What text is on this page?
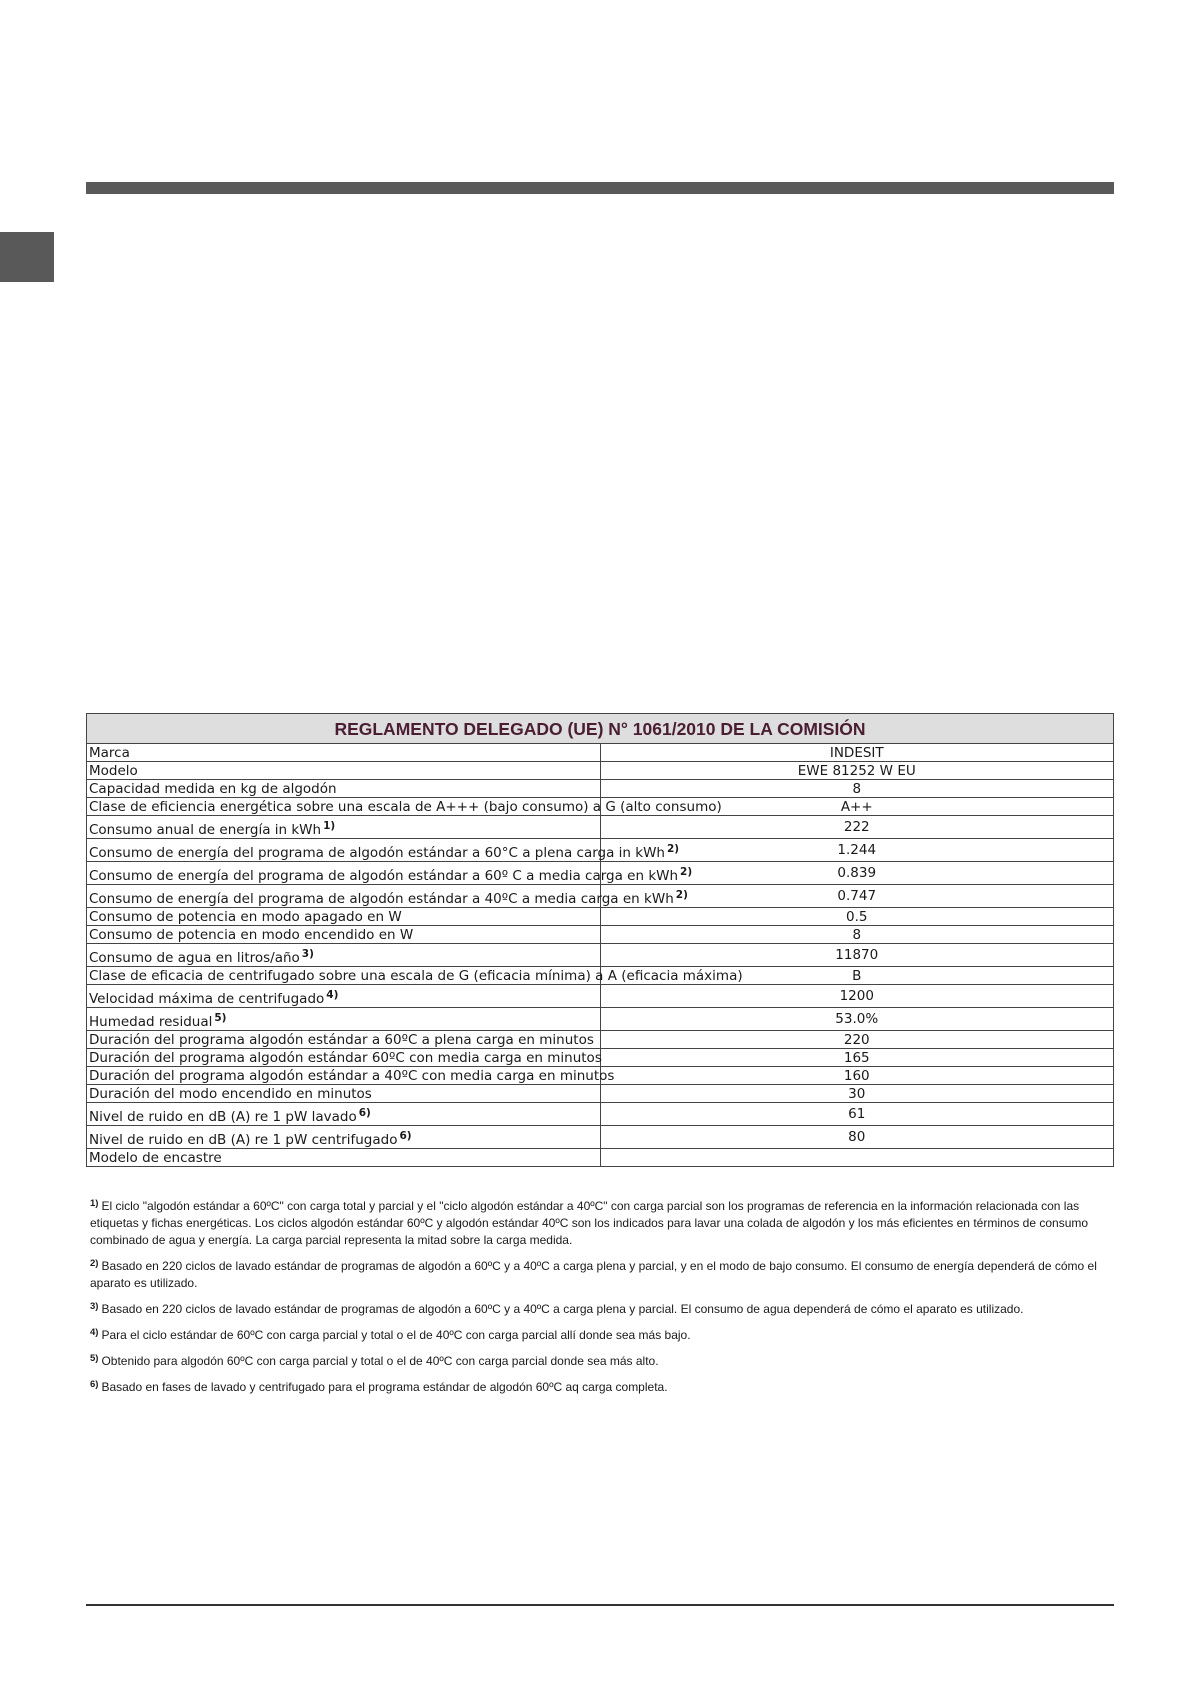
REGLAMENTO DELEGADO (UE) N° 1061/2010 DE LA COMISIÓN	
Marca	INDESIT
Modelo	EWE 81252 W EU
Capacidad medida en kg de algodón	8
Clase de eficiencia energética sobre una escala de A+++ (bajo consumo) a G (alto consumo)	A++
Consumo anual de energía in kWh $^{1)}$	222
Consumo de energía del programa de algodón estándar a 60°C a plena carga in kWh $^{2)}$	1.244
Consumo de energía del programa de algodón estándar a 60º C a media carga en kWh $^{2)}$	0.839
Consumo de energía del programa de algodón estándar a 40ºC a media carga en kWh $^{2)}$	0.747
Consumo de potencia en modo apagado en W	0.5
Consumo de potencia en modo encendido en W	8
Consumo de agua en litros/año $^{3)}$	11870
Clase de eficacia de centrifugado sobre una escala de G (eficacia mínima) a A (eficacia máxima)	B
Velocidad máxima de centrifugado $^{4)}$	1200
Humedad residual $^{5)}$	53.0%
Duración del programa algodón estándar a 60ºC a plena carga en minutos	220
Duración del programa algodón estándar 60ºC con media carga en minutos	165
Duración del programa algodón estándar a 40ºC con media carga en minutos	160
Duración del modo encendido en minutos	30
Nivel de ruido en dB (A) re 1 pW lavado $^{6)}$	61
Nivel de ruido en dB (A) re 1 pW centrifugado $^{6)}$	80
Modelo de encastre	

$^{1)}$ El ciclo "algodón estándar a 60ºC" con carga total y parcial y el "ciclo algodón estándar a 40ºC" con carga parcial son los programas de referencia en la información relacionada con las etiquetas y fichas energéticas. Los ciclos algodón estándar 60ºC y algodón estándar 40ºC son los indicados para lavar una colada de algodón y los más eficientes en términos de consumo combinado de agua y energía. La carga parcial representa la mitad sobre la carga medida.

$^{2)}$ Basado en 220 ciclos de lavado estándar de programas de algodón a 60ºC y a 40ºC a carga plena y parcial, y en el modo de bajo consumo. El consumo de energía dependerá de cómo el aparato es utilizado.

$^{3)}$ Basado en 220 ciclos de lavado estándar de programas de algodón a 60ºC y a 40ºC a carga plena y parcial. El consumo de agua dependerá de cómo el aparato es utilizado.

$^{4)}$ Para el ciclo estándar de 60ºC con carga parcial y total o el de 40ºC con carga parcial allí donde sea más bajo.

$^{5)}$ Obtenido para algodón 60ºC con carga parcial y total o el de 40ºC con carga parcial donde sea más alto.

$^{6)}$ Basado en fases de lavado y centrifugado para el programa estándar de algodón 60ºC aq carga completa.
